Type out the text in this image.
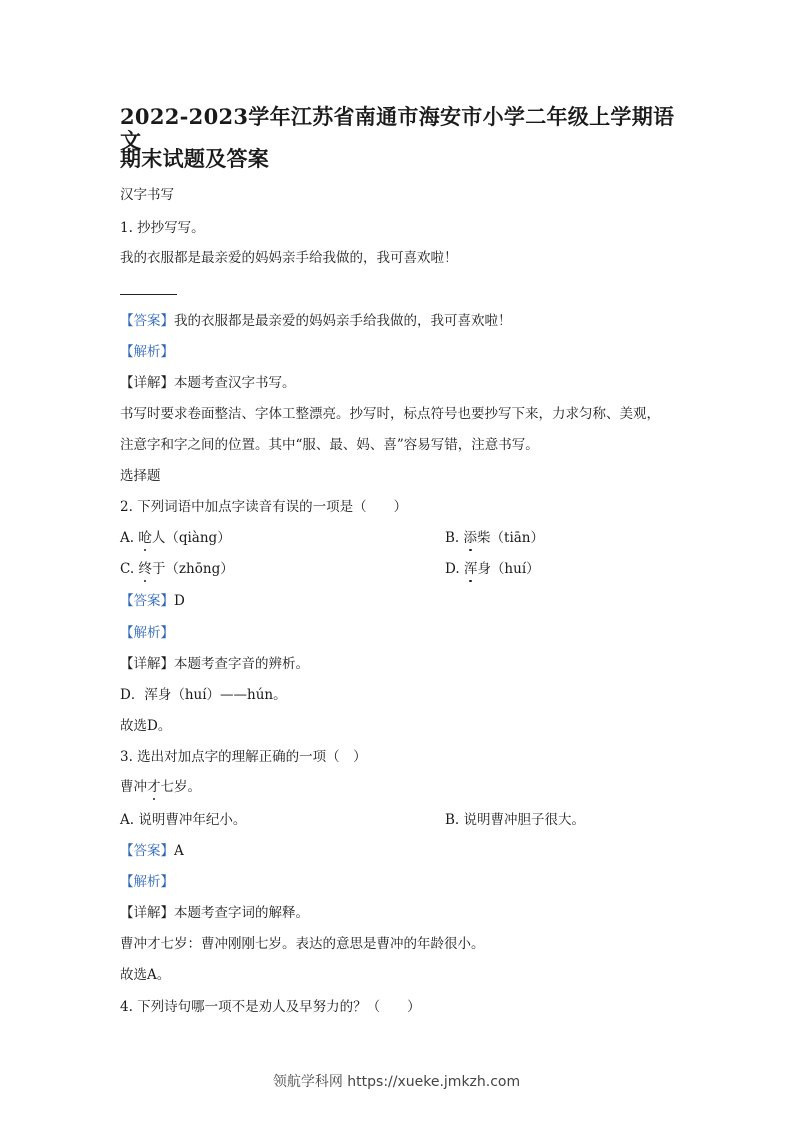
2022-2023学年江苏省南通市海安市小学二年级上学期语文
期末试题及答案
汉字书写
1. 抄抄写写。
我的衣服都是最亲爱的妈妈亲手给我做的，我可喜欢啦！
【答案】我的衣服都是最亲爱的妈妈亲手给我做的，我可喜欢啦！
【解析】
【详解】本题考查汉字书写。
书写时要求卷面整洁、字体工整漂亮。抄写时，标点符号也要抄写下来，力求匀称、美观，
注意字和字之间的位置。其中“服、最、妈、喜”容易写错，注意书写。
选择题
2. 下列词语中加点字读音有误的一项是（　　）
A. 呛人（qiàng）	B. 添柴（tiān）
C. 终于（zhōng）	D. 浑身（huí）
【答案】D
【解析】
【详解】本题考查字音的辨析。
D．浑身（huí）——hún。
故选D。
3. 选出对加点字的理解正确的一项（　）
曹冲才七岁。
A. 说明曹冲年纪小。	B. 说明曹冲胆子很大。
【答案】A
【解析】
【详解】本题考查字词的解释。
曹冲才七岁：曹冲刚刚七岁。表达的意思是曹冲的年龄很小。
故选A。
4. 下列诗句哪一项不是劝人及早努力的？（　　）
领航学科网 https://xueke.jmkzh.com
